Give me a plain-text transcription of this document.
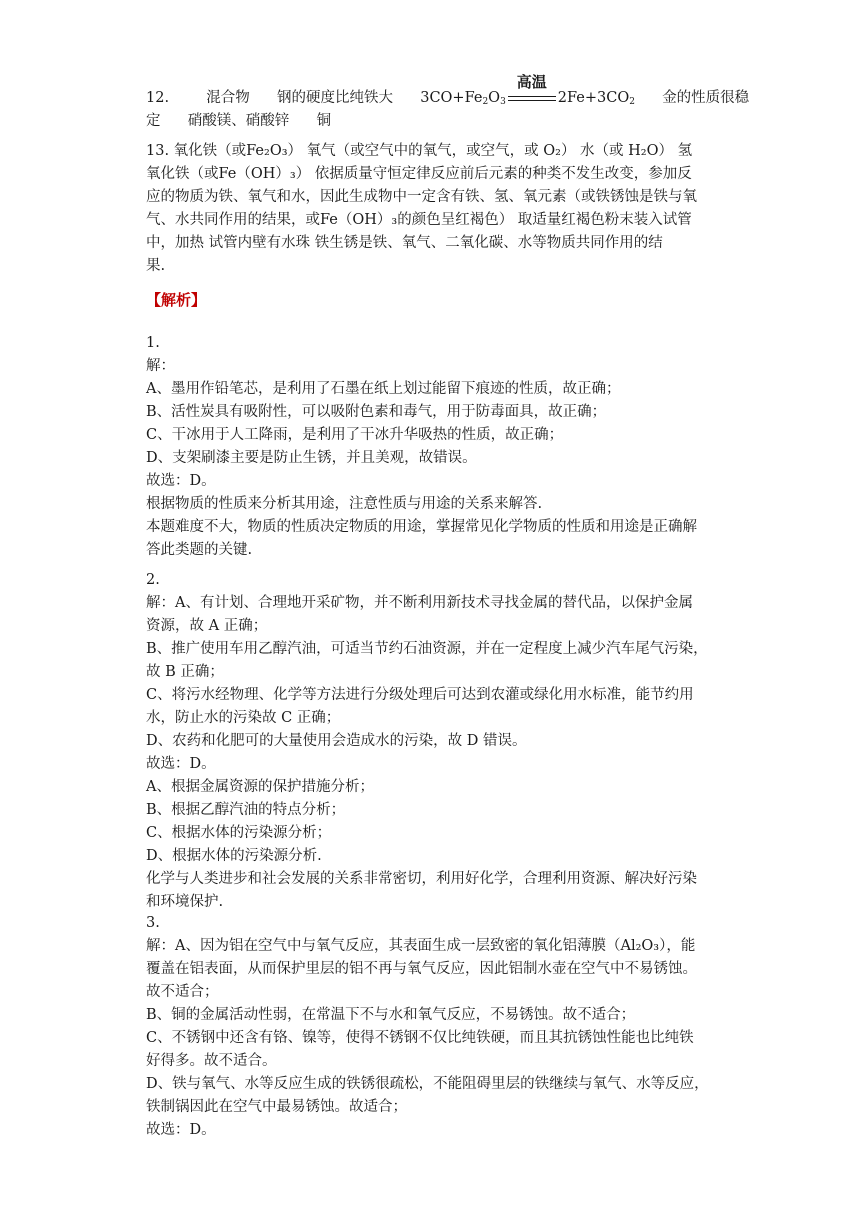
12.	混合物 钢的硬度比纯铁大 $3CO+Fe_2O_3$
高温
$2Fe+3CO_2$ 金的性质很稳
定 硝酸镁、硝酸锌 铜
13. 氧化铁（或Fe₂O₃） 氧气（或空气中的氧气，或空气，或 O₂） 水（或 H₂O） 氢
氧化铁（或Fe（OH）₃） 依据质量守恒定律反应前后元素的种类不发生改变，参加反
应的物质为铁、氧气和水，因此生成物中一定含有铁、氢、氧元素（或铁锈蚀是铁与氧
气、水共同作用的结果，或Fe（OH）₃的颜色呈红褐色） 取适量红褐色粉末装入试管
中，加热 试管内壁有水珠 铁生锈是铁、氧气、二氧化碳、水等物质共同作用的结
果.
【解析】
1.
解：
A、墨用作铅笔芯，是利用了石墨在纸上划过能留下痕迹的性质，故正确；
B、活性炭具有吸附性，可以吸附色素和毒气，用于防毒面具，故正确；
C、干冰用于人工降雨，是利用了干冰升华吸热的性质，故正确；
D、支架刷漆主要是防止生锈，并且美观，故错误。
故选：D。
根据物质的性质来分析其用途，注意性质与用途的关系来解答.
本题难度不大，物质的性质决定物质的用途，掌握常见化学物质的性质和用途是正确解
答此类题的关键.
2.
解：A、有计划、合理地开采矿物，并不断利用新技术寻找金属的替代品，以保护金属
资源，故 A 正确；
B、推广使用车用乙醇汽油，可适当节约石油资源，并在一定程度上减少汽车尾气污染，
故 B 正确；
C、将污水经物理、化学等方法进行分级处理后可达到农灌或绿化用水标准，能节约用
水，防止水的污染故 C 正确；
D、农药和化肥可的大量使用会造成水的污染，故 D 错误。
故选：D。
A、根据金属资源的保护措施分析；
B、根据乙醇汽油的特点分析；
C、根据水体的污染源分析；
D、根据水体的污染源分析.
化学与人类进步和社会发展的关系非常密切，利用好化学，合理利用资源、解决好污染
和环境保护.
3.
解：A、因为铝在空气中与氧气反应，其表面生成一层致密的氧化铝薄膜（Al₂O₃），能
覆盖在铝表面，从而保护里层的铝不再与氧气反应，因此铝制水壶在空气中不易锈蚀。
故不适合；
B、铜的金属活动性弱，在常温下不与水和氧气反应，不易锈蚀。故不适合；
C、不锈钢中还含有铬、镍等，使得不锈钢不仅比纯铁硬，而且其抗锈蚀性能也比纯铁
好得多。故不适合。
D、铁与氧气、水等反应生成的铁锈很疏松，不能阻碍里层的铁继续与氧气、水等反应，
铁制锅因此在空气中最易锈蚀。故适合；
故选：D。
